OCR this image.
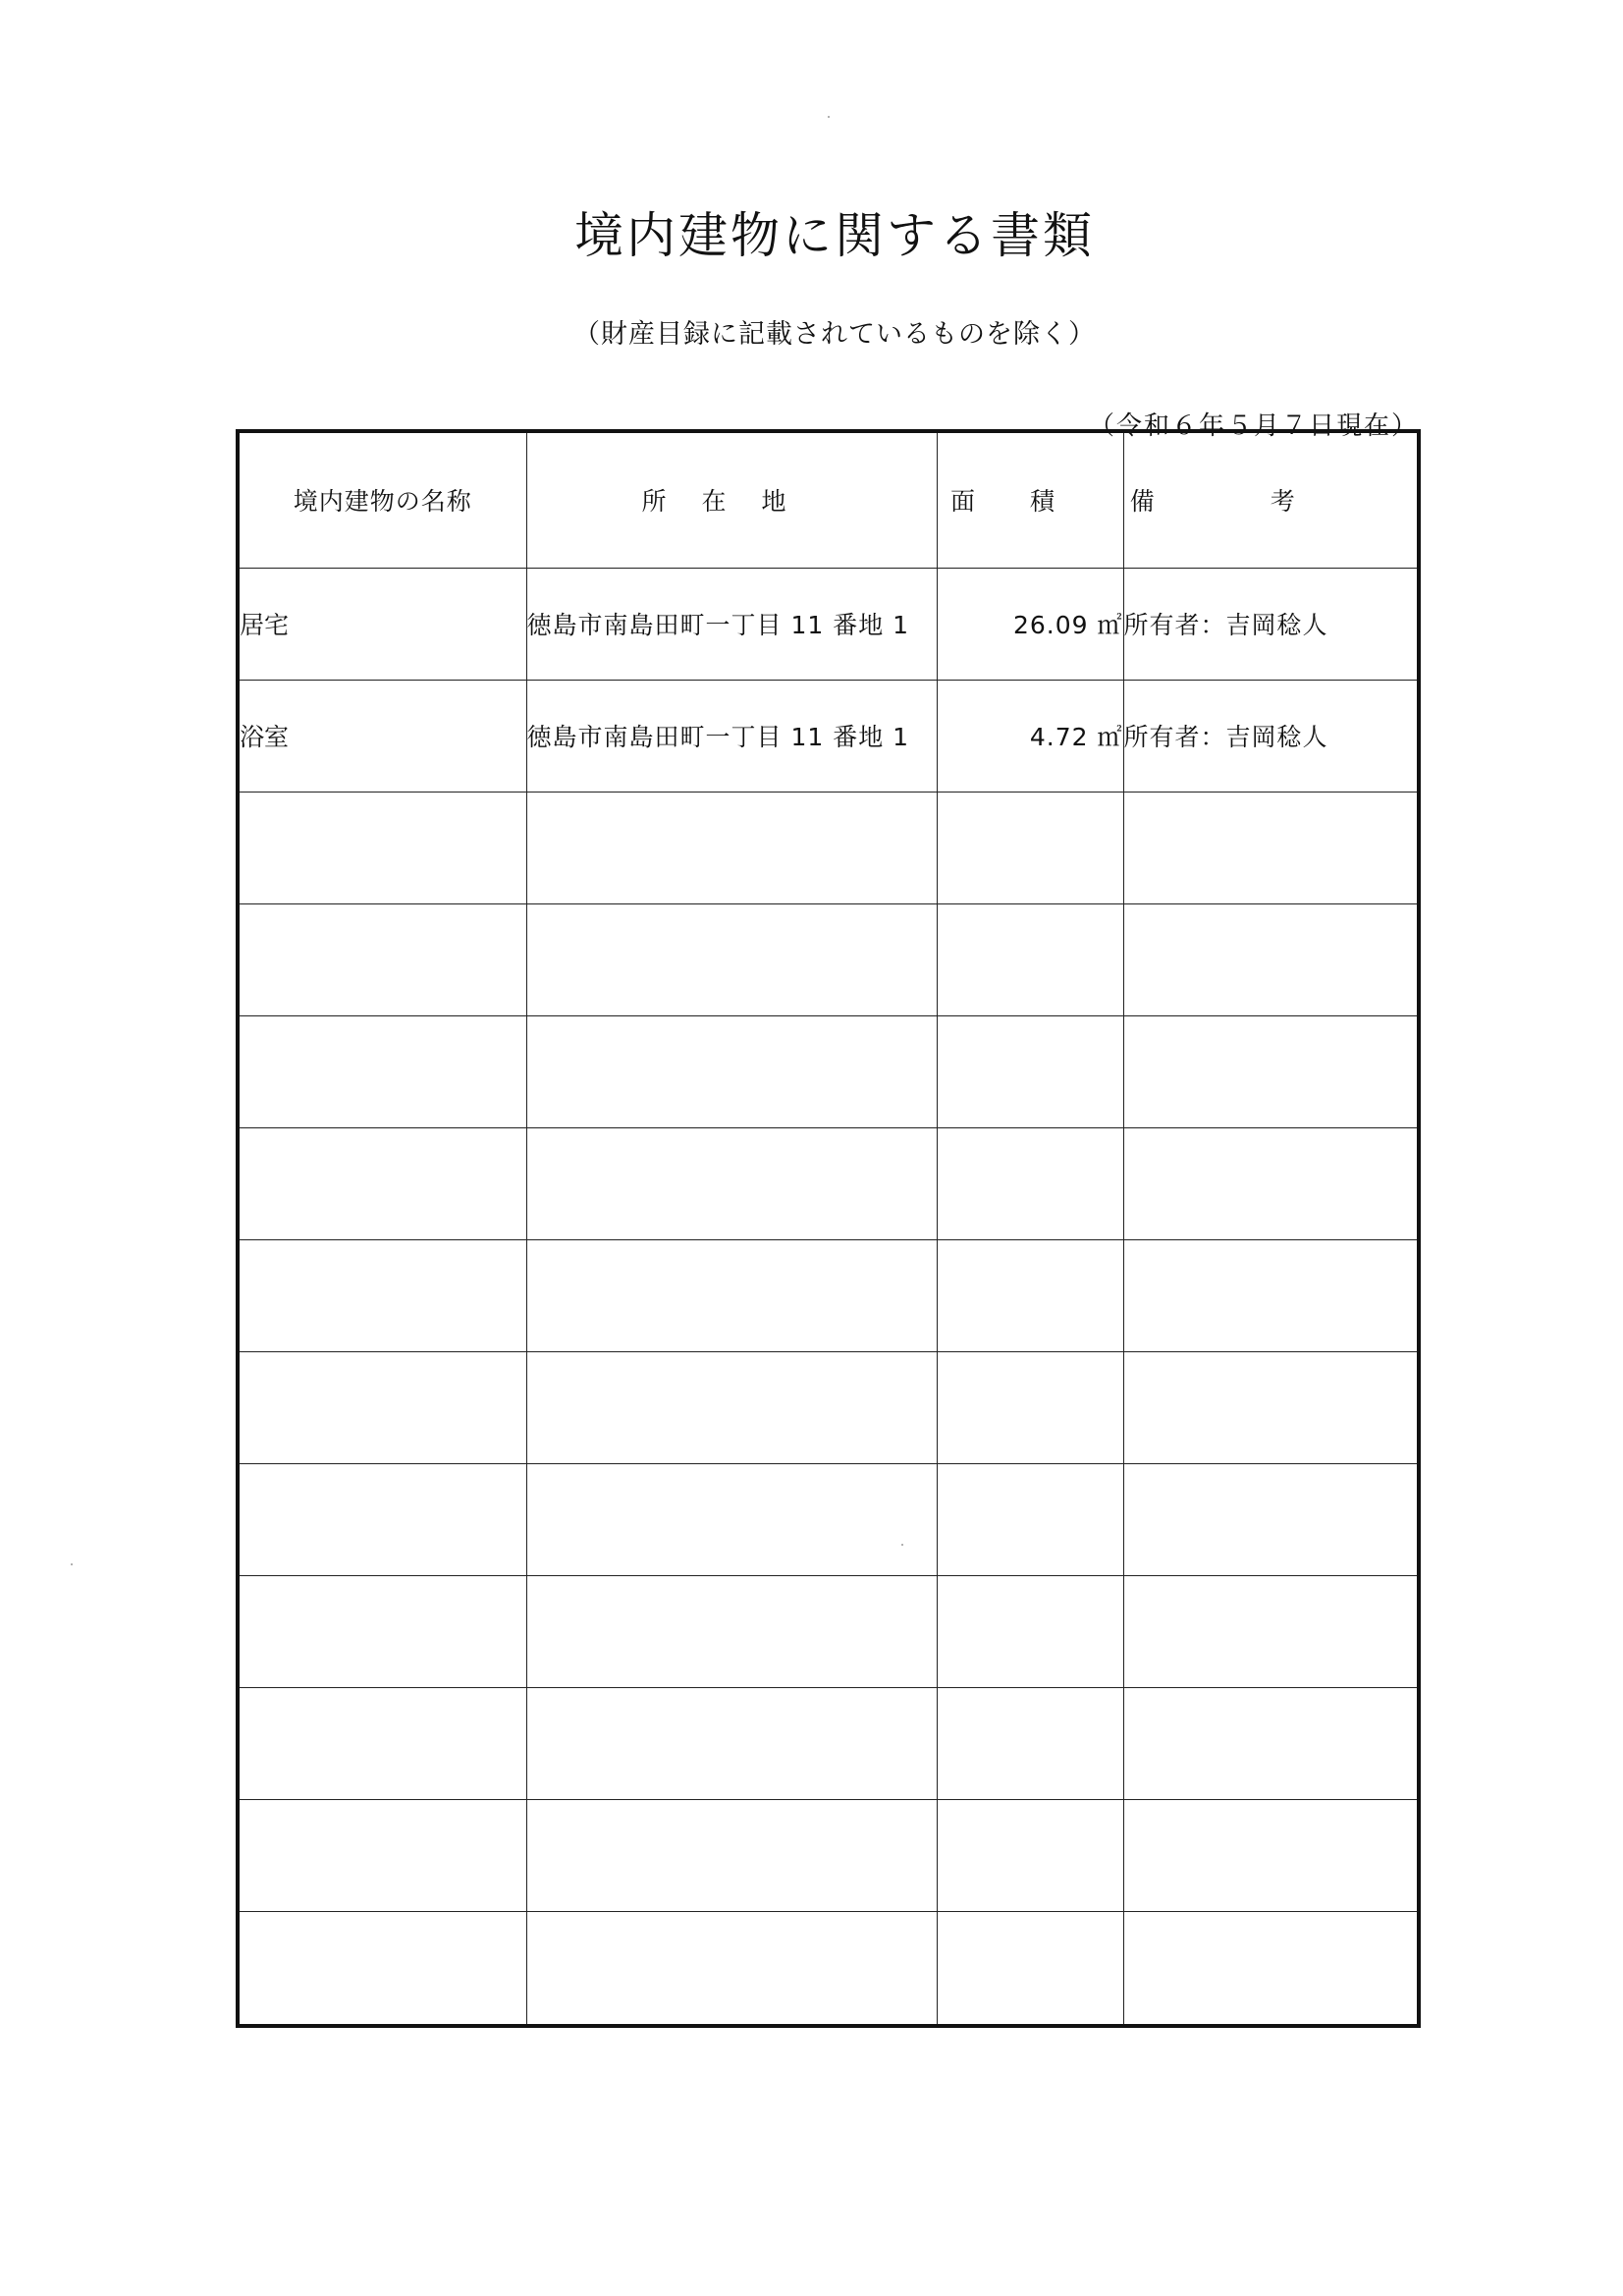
境内建物に関する書類
（財産目録に記載されているものを除く）
（令和６年５月７日現在）
境内建物の名称	所在地	面積	備考
居宅	徳島市南島田町一丁目 11 番地 1	26.09 ㎡	所有者：吉岡稔人
浴室	徳島市南島田町一丁目 11 番地 1	4.72 ㎡	所有者：吉岡稔人
